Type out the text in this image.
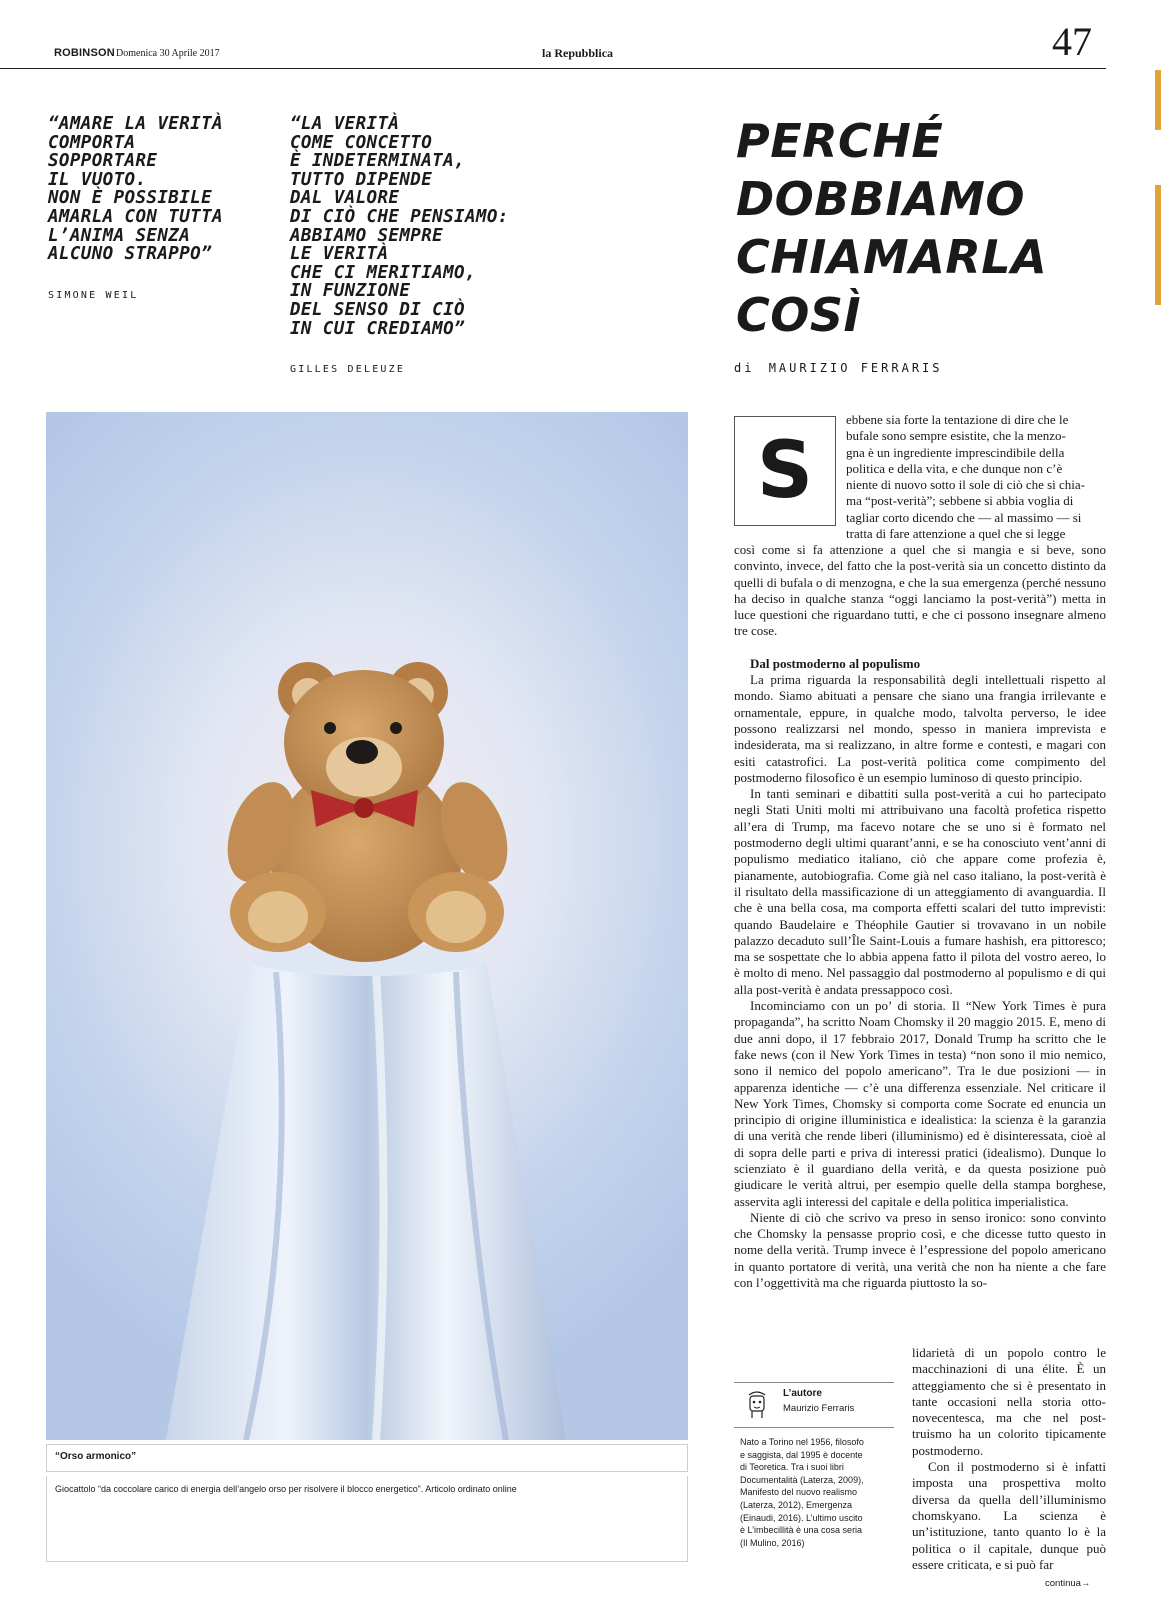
ROBINSON Domenica 30 Aprile 2017	la Repubblica	47
“AMARE LA VERITÀ
COMPORTA
SOPPORTARE
IL VUOTO.
NON È POSSIBILE
AMARLA CON TUTTA
L’ANIMA SENZA
ALCUNO STRAPPO”
SIMONE WEIL
“LA VERITÀ
COME CONCETTO
È INDETERMINATA,
TUTTO DIPENDE
DAL VALORE
DI CIÒ CHE PENSIAMO:
ABBIAMO SEMPRE
LE VERITÀ
CHE CI MERITIAMO,
IN FUNZIONE
DEL SENSO DI CIÒ
IN CUI CREDIAMO”
GILLES DELEUZE
PERCHÉ
DOBBIAMO
CHIAMARLA
COSÌ
di MAURIZIO FERRARIS
“Orso armonico”
Giocattolo “da coccolare carico di energia dell’angelo orso per risolvere il blocco energetico”. Articolo ordinato online
S
ebbene sia forte la tentazione di dire che le
bufale sono sempre esistite, che la menzo-
gna è un ingrediente imprescindibile della
politica e della vita, e che dunque non c’è
niente di nuovo sotto il sole di ciò che si chia-
ma “post-verità”; sebbene si abbia voglia di
tagliar corto dicendo che — al massimo — si
tratta di fare attenzione a quel che si legge

così come si fa attenzione a quel che si mangia e si beve, sono convinto, invece, del fatto che la post-verità sia un concetto distinto da quelli di bufala o di menzogna, e che la sua emergenza (perché nessuno ha deciso in qualche stanza “oggi lanciamo la post-verità”) metta in luce questioni che riguardano tutti, e che ci possono insegnare almeno tre cose.

Dal postmoderno al populismo

La prima riguarda la responsabilità degli intellettuali rispetto al mondo. Siamo abituati a pensare che siano una frangia irrilevante e ornamentale, eppure, in qualche modo, talvolta perverso, le idee possono realizzarsi nel mondo, spesso in maniera imprevista e indesiderata, ma si realizzano, in altre forme e contesti, e magari con esiti catastrofici. La post-verità politica come compimento del postmoderno filosofico è un esempio luminoso di questo principio.

In tanti seminari e dibattiti sulla post-verità a cui ho partecipato negli Stati Uniti molti mi attribuivano una facoltà profetica rispetto all’era di Trump, ma facevo notare che se uno si è formato nel postmoderno degli ultimi quarant’anni, e se ha conosciuto vent’anni di populismo mediatico italiano, ciò che appare come profezia è, pianamente, autobiografia. Come già nel caso italiano, la post-verità è il risultato della massificazione di un atteggiamento di avanguardia. Il che è una bella cosa, ma comporta effetti scalari del tutto imprevisti: quando Baudelaire e Théophile Gautier si trovavano in un nobile palazzo decaduto sull’Île Saint-Louis a fumare hashish, era pittoresco; ma se sospettate che lo abbia appena fatto il pilota del vostro aereo, lo è molto di meno. Nel passaggio dal postmoderno al populismo e di qui alla post-verità è andata pressappoco così.

Incominciamo con un po’ di storia. Il “New York Times è pura propaganda”, ha scritto Noam Chomsky il 20 maggio 2015. E, meno di due anni dopo, il 17 febbraio 2017, Donald Trump ha scritto che le fake news (con il New York Times in testa) “non sono il mio nemico, sono il nemico del popolo americano”. Tra le due posizioni — in apparenza identiche — c’è una differenza essenziale. Nel criticare il New York Times, Chomsky si comporta come Socrate ed enuncia un principio di origine illuministica e idealistica: la scienza è la garanzia di una verità che rende liberi (illuminismo) ed è disinteressata, cioè al di sopra delle parti e priva di interessi pratici (idealismo). Dunque lo scienziato è il guardiano della verità, e da questa posizione può giudicare le verità altrui, per esempio quelle della stampa borghese, asservita agli interessi del capitale e della politica imperialistica.

Niente di ciò che scrivo va preso in senso ironico: sono convinto che Chomsky la pensasse proprio così, e che dicesse tutto questo in nome della verità. Trump invece è l’espressione del popolo americano in quanto portatore di verità, una verità che non ha niente a che fare con l’oggettività ma che riguarda piuttosto la so-

lidarietà di un popolo contro le macchinazioni di una élite. È un atteggiamento che si è presentato in tante occasioni nella storia otto-novecentesca, ma che nel post-truismo ha un colorito tipicamente postmoderno.

Con il postmoderno si è infatti imposta una prospettiva molto diversa da quella dell’illuminismo chomskyano. La scienza è un’istituzione, tanto quanto lo è la politica o il capitale, dunque può essere criticata, e si può far

continua→
L’autore
Maurizio Ferraris
Nato a Torino nel 1956, filosofo
e saggista, dal 1995 è docente
di Teoretica. Tra i suoi libri
Documentalità (Laterza, 2009),
Manifesto del nuovo realismo
(Laterza, 2012), Emergenza
(Einaudi, 2016). L’ultimo uscito
è L’imbecillità è una cosa seria
(Il Mulino, 2016)
